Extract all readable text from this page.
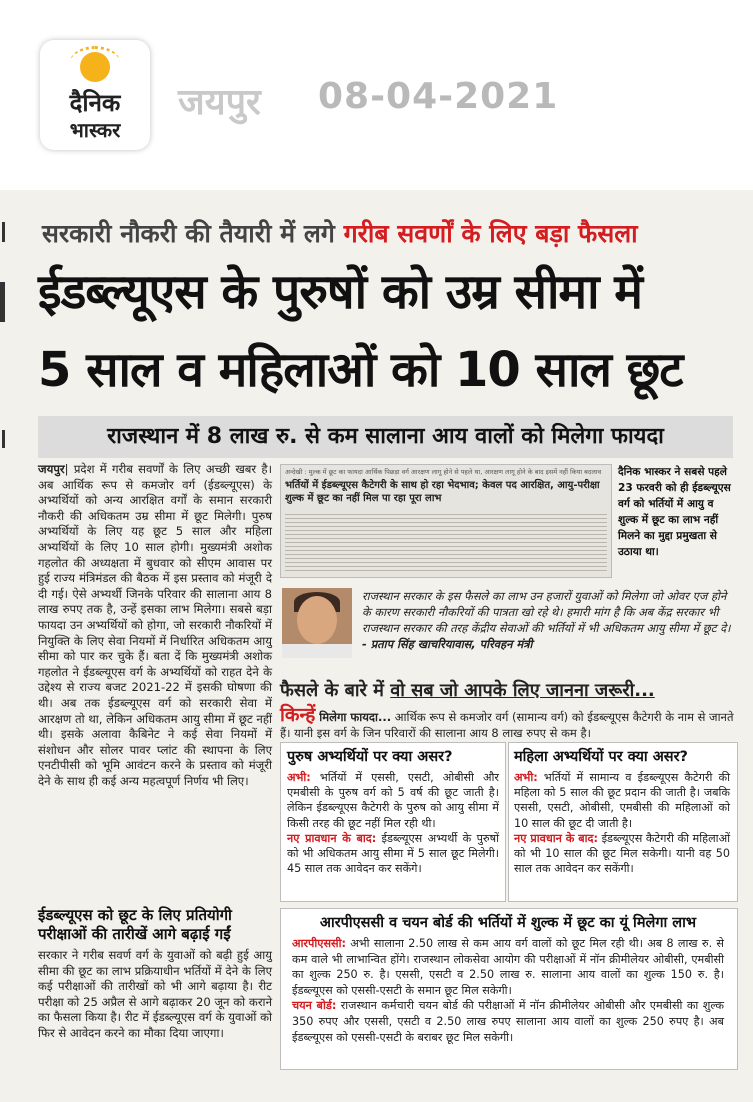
दैनिक
भास्कर
जयपुर 08-04-2021
सरकारी नौकरी की तैयारी में लगे गरीब सवर्णों के लिए बड़ा फैसला
ईडब्ल्यूएस के पुरुषों को उम्र सीमा में
5 साल व महिलाओं को 10 साल छूट
राजस्थान में 8 लाख रु. से कम सालाना आय वालों को मिलेगा फायदा
जयपुर| प्रदेश में गरीब सवर्णों के लिए अच्छी खबर है। अब आर्थिक रूप से कमजोर वर्ग (ईडब्ल्यूएस) के अभ्यर्थियों को अन्य आरक्षित वर्गों के समान सरकारी नौकरी की अधिकतम उम्र सीमा में छूट मिलेगी। पुरुष अभ्यर्थियों के लिए यह छूट 5 साल और महिला अभ्यर्थियों के लिए 10 साल होगी। मुख्यमंत्री अशोक गहलोत की अध्यक्षता में बुधवार को सीएम आवास पर हुई राज्य मंत्रिमंडल की बैठक में इस प्रस्ताव को मंजूरी दे दी गई। ऐसे अभ्यर्थी जिनके परिवार की सालाना आय 8 लाख रुपए तक है, उन्हें इसका लाभ मिलेगा। सबसे बड़ा फायदा उन अभ्यर्थियों को होगा, जो सरकारी नौकरियों में नियुक्ति के लिए सेवा नियमों में निर्धारित अधिकतम आयु सीमा को पार कर चुके हैं। बता दें कि मुख्यमंत्री अशोक गहलोत ने ईडब्ल्यूएस वर्ग के अभ्यर्थियों को राहत देने के उद्देश्य से राज्य बजट 2021-22 में इसकी घोषणा की थी। अब तक ईडब्ल्यूएस वर्ग को सरकारी सेवा में आरक्षण तो था, लेकिन अधिकतम आयु सीमा में छूट नहीं थी। इसके अलावा कैबिनेट ने कई सेवा नियमों में संशोधन और सोलर पावर प्लांट की स्थापना के लिए एनटीपीसी को भूमि आवंटन करने के प्रस्ताव को मंजूरी देने के साथ ही कई अन्य महत्वपूर्ण निर्णय भी लिए।
ईडब्ल्यूएस को छूट के लिए प्रतियोगी परीक्षाओं की तारीखें आगे बढ़ाई गईं
सरकार ने गरीब सवर्ण वर्ग के युवाओं को बढ़ी हुई आयु सीमा की छूट का लाभ प्रक्रियाधीन भर्तियों में देने के लिए कई परीक्षाओं की तारीखों को भी आगे बढ़ाया है। रीट परीक्षा को 25 अप्रैल से आगे बढ़ाकर 20 जून को कराने का फैसला किया है। रीट में ईडब्ल्यूएस वर्ग के युवाओं को फिर से आवेदन करने का मौका दिया जाएगा।
अन्देखी : मुल्क में छूट का फायदा आर्थिक पिछड़ा वर्ग आरक्षण लागू होने से पहले था, आरक्षण लागू होने के बाद इसमें नहीं किया बदलाव
भर्तियों में ईडब्ल्यूएस कैटेगरी के साथ हो रहा भेदभाव; केवल पद आरक्षित, आयु-परीक्षा शुल्क में छूट का नहीं मिल पा रहा पूरा लाभ
दैनिक भास्कर ने सबसे पहले 23 फरवरी को ही ईडब्ल्यूएस वर्ग को भर्तियों में आयु व शुल्क में छूट का लाभ नहीं मिलने का मुद्दा प्रमुखता से उठाया था।
राजस्थान सरकार के इस फैसले का लाभ उन हजारों युवाओं को मिलेगा जो ओवर एज होने के कारण सरकारी नौकरियों की पात्रता खो रहे थे। हमारी मांग है कि अब केंद्र सरकार भी राजस्थान सरकार की तरह केंद्रीय सेवाओं की भर्तियों में भी अधिकतम आयु सीमा में छूट दे। - प्रताप सिंह खाचरियावास, परिवहन मंत्री
फैसले के बारे में वो सब जो आपके लिए जानना जरूरी...
किन्हें मिलेगा फायदा... आर्थिक रूप से कमजोर वर्ग (सामान्य वर्ग) को ईडब्ल्यूएस कैटेगरी के नाम से जानते हैं। यानी इस वर्ग के जिन परिवारों की सालाना आय 8 लाख रुपए से कम है।
पुरुष अभ्यर्थियों पर क्या असर?
अभी: भर्तियों में एससी, एसटी, ओबीसी और एमबीसी के पुरुष वर्ग को 5 वर्ष की छूट जाती है। लेकिन ईडब्ल्यूएस कैटेगरी के पुरुष को आयु सीमा में किसी तरह की छूट नहीं मिल रही थी।
नए प्रावधान के बाद: ईडब्ल्यूएस अभ्यर्थी के पुरुषों को भी अधिकतम आयु सीमा में 5 साल छूट मिलेगी। 45 साल तक आवेदन कर सकेंगे।
महिला अभ्यर्थियों पर क्या असर?
अभी: भर्तियों में सामान्य व ईडब्ल्यूएस कैटेगरी की महिला को 5 साल की छूट प्रदान की जाती है। जबकि एससी, एसटी, ओबीसी, एमबीसी की महिलाओं को 10 साल की छूट दी जाती है।
नए प्रावधान के बाद: ईडब्ल्यूएस कैटेगरी की महिलाओं को भी 10 साल की छूट मिल सकेगी। यानी वह 50 साल तक आवेदन कर सकेंगी।
आरपीएससी व चयन बोर्ड की भर्तियों में शुल्क में छूट का यूं मिलेगा लाभ
आरपीएससी: अभी सालाना 2.50 लाख से कम आय वर्ग वालों को छूट मिल रही थी। अब 8 लाख रु. से कम वाले भी लाभान्वित होंगे। राजस्थान लोकसेवा आयोग की परीक्षाओं में नॉन क्रीमीलेयर ओबीसी, एमबीसी का शुल्क 250 रु. है। एससी, एसटी व 2.50 लाख रु. सालाना आय वालों का शुल्क 150 रु. है। ईडब्ल्यूएस को एससी-एसटी के समान छूट मिल सकेगी।
चयन बोर्ड: राजस्थान कर्मचारी चयन बोर्ड की परीक्षाओं में नॉन क्रीमीलेयर ओबीसी और एमबीसी का शुल्क 350 रुपए और एससी, एसटी व 2.50 लाख रुपए सालाना आय वालों का शुल्क 250 रुपए है। अब ईडब्ल्यूएस को एससी-एसटी के बराबर छूट मिल सकेगी।
